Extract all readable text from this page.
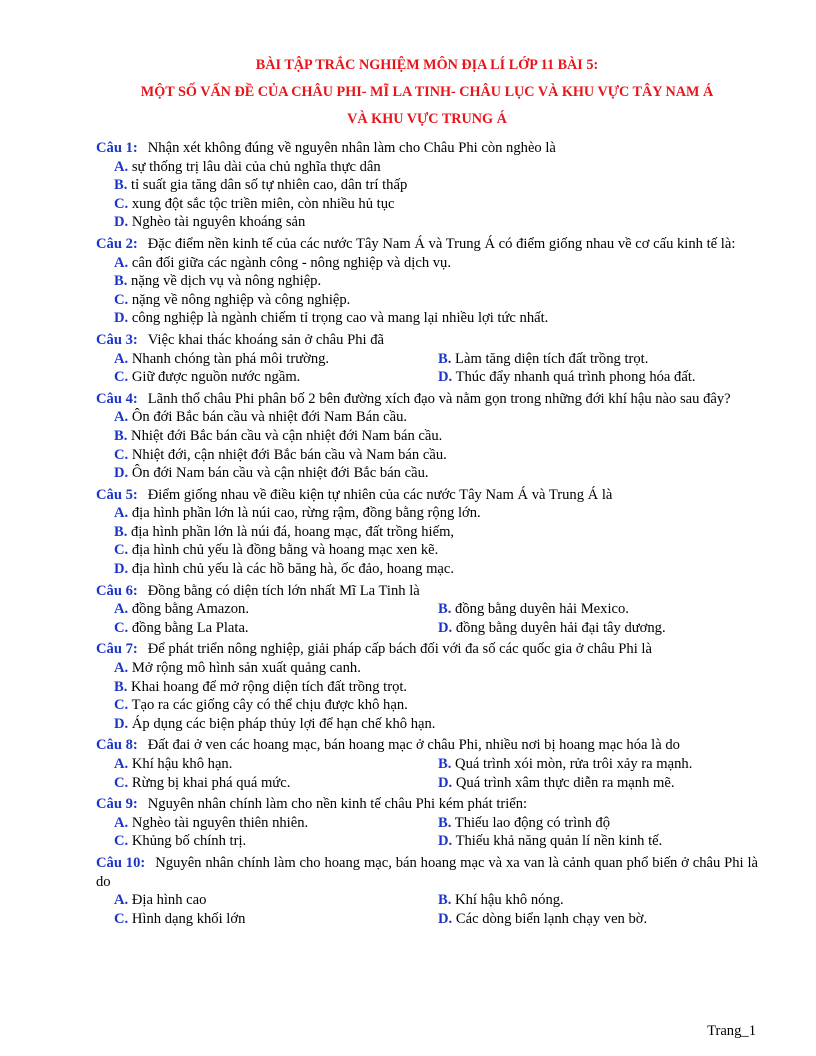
BÀI TẬP TRẮC NGHIỆM MÔN ĐỊA LÍ LỚP 11 BÀI 5:
MỘT SỐ VẤN ĐỀ CỦA CHÂU PHI- MĨ LA TINH- CHÂU LỤC VÀ KHU VỰC TÂY NAM Á
VÀ KHU VỰC TRUNG Á
Câu 1: Nhận xét không đúng về nguyên nhân làm cho Châu Phi còn nghèo là
A. sự thống trị lâu dài của chủ nghĩa thực dân
B. tỉ suất gia tăng dân số tự nhiên cao, dân trí thấp
C. xung đột sắc tộc triền miên, còn nhiều hủ tục
D. Nghèo tài nguyên khoáng sản
Câu 2: Đặc điểm nền kinh tế của các nước Tây Nam Á và Trung Á có điểm giống nhau về cơ cấu kinh tế là:
A. cân đối giữa các ngành công - nông nghiệp và dịch vụ.
B. nặng về dịch vụ và nông nghiệp.
C. nặng về nông nghiệp và công nghiệp.
D. công nghiệp là ngành chiếm tỉ trọng cao và mang lại nhiều lợi tức nhất.
Câu 3: Việc khai thác khoáng sản ở châu Phi đã
A. Nhanh chóng tàn phá môi trường.	B. Làm tăng diện tích đất trồng trọt.
C. Giữ được nguồn nước ngầm.	D. Thúc đẩy nhanh quá trình phong hóa đất.
Câu 4: Lãnh thổ châu Phi phân bố 2 bên đường xích đạo và nằm gọn trong những đới khí hậu nào sau đây?
A. Ôn đới Bắc bán cầu và nhiệt đới Nam Bán cầu.
B. Nhiệt đới Bắc bán cầu và cận nhiệt đới Nam bán cầu.
C. Nhiệt đới, cận nhiệt đới Bắc bán cầu và Nam bán cầu.
D. Ôn đới Nam bán cầu và cận nhiệt đới Bắc bán cầu.
Câu 5: Điểm giống nhau về điều kiện tự nhiên của các nước Tây Nam Á và Trung Á là
A. địa hình phần lớn là núi cao, rừng rậm, đồng bằng rộng lớn.
B. địa hình phần lớn là núi đá, hoang mạc, đất trồng hiếm,
C. địa hình chủ yếu là đồng bằng và hoang mạc xen kẽ.
D. địa hình chủ yếu là các hồ băng hà, ốc đảo, hoang mạc.
Câu 6: Đồng bằng có diện tích lớn nhất Mĩ La Tinh là
A. đồng bằng Amazon.	B. đồng bằng duyên hải Mexico.
C. đồng bằng La Plata.	D. đồng bằng duyên hải đại tây dương.
Câu 7: Để phát triển nông nghiệp, giải pháp cấp bách đối với đa số các quốc gia ở châu Phi là
A. Mở rộng mô hình sản xuất quảng canh.
B. Khai hoang để mở rộng diện tích đất trồng trọt.
C. Tạo ra các giống cây có thể chịu được khô hạn.
D. Áp dụng các biện pháp thủy lợi để hạn chế khô hạn.
Câu 8: Đất đai ở ven các hoang mạc, bán hoang mạc ở châu Phi, nhiều nơi bị hoang mạc hóa là do
A. Khí hậu khô hạn.	B. Quá trình xói mòn, rửa trôi xảy ra mạnh.
C. Rừng bị khai phá quá mức.	D. Quá trình xâm thực diễn ra mạnh mẽ.
Câu 9: Nguyên nhân chính làm cho nền kinh tế châu Phi kém phát triển:
A. Nghèo tài nguyên thiên nhiên.	B. Thiếu lao động có trình độ
C. Khủng bố chính trị.	D. Thiếu khả năng quản lí nền kinh tế.
Câu 10: Nguyên nhân chính làm cho hoang mạc, bán hoang mạc và xa van là cảnh quan phổ biến ở châu Phi là do
A. Địa hình cao	B. Khí hậu khô nóng.
C. Hình dạng khối lớn	D. Các dòng biển lạnh chạy ven bờ.
Trang_1
